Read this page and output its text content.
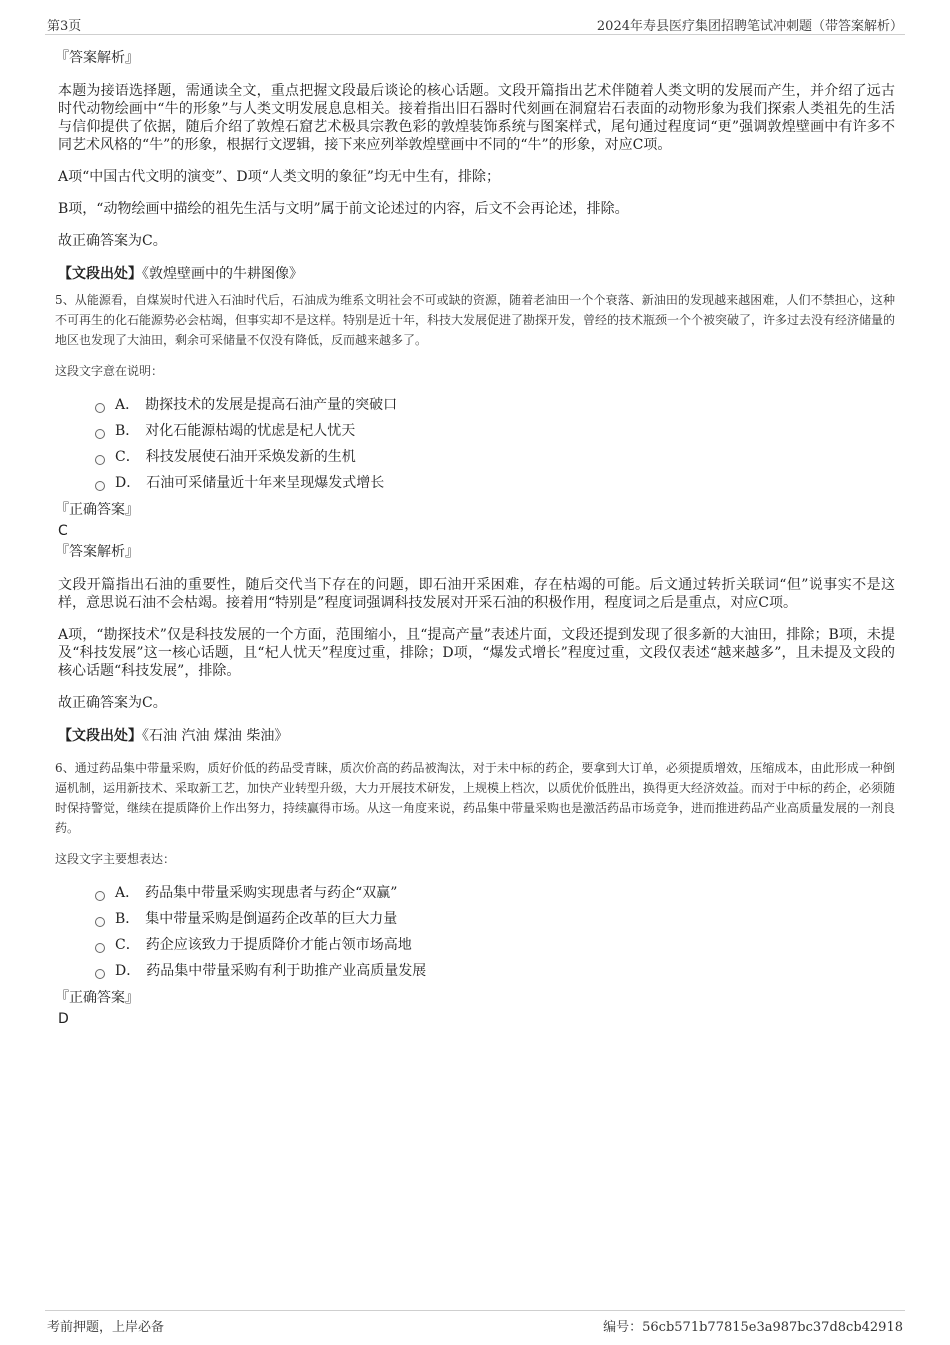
第3页	2024年寿县医疗集团招聘笔试冲刺题（带答案解析）
『答案解析』

本题为接语选择题，需通读全文，重点把握文段最后谈论的核心话题。文段开篇指出艺术伴随着人类文明的发展而产生，并介绍了远古时代动物绘画中“牛的形象”与人类文明发展息息相关。接着指出旧石器时代刻画在洞窟岩石表面的动物形象为我们探索人类祖先的生活与信仰提供了依据，随后介绍了敦煌石窟艺术极具宗教色彩的敦煌装饰系统与图案样式，尾句通过程度词“更”强调敦煌壁画中有许多不同艺术风格的“牛”的形象，根据行文逻辑，接下来应列举敦煌壁画中不同的“牛”的形象，对应C项。

A项“中国古代文明的演变”、D项“人类文明的象征”均无中生有，排除；

B项，“动物绘画中描绘的祖先生活与文明”属于前文论述过的内容，后文不会再论述，排除。

故正确答案为C。

【文段出处】《敦煌壁画中的牛耕图像》

5、从能源看，自煤炭时代进入石油时代后，石油成为维系文明社会不可或缺的资源，随着老油田一个个衰落、新油田的发现越来越困难，人们不禁担心，这种不可再生的化石能源势必会枯竭，但事实却不是这样。特别是近十年，科技大发展促进了勘探开发，曾经的技术瓶颈一个个被突破了，许多过去没有经济储量的地区也发现了大油田，剩余可采储量不仅没有降低，反而越来越多了。

这段文字意在说明：

A． 勘探技术的发展是提高石油产量的突破口
B． 对化石能源枯竭的忧虑是杞人忧天
C． 科技发展使石油开采焕发新的生机
D． 石油可采储量近十年来呈现爆发式增长
『正确答案』
C
『答案解析』

文段开篇指出石油的重要性，随后交代当下存在的问题，即石油开采困难，存在枯竭的可能。后文通过转折关联词“但”说事实不是这样，意思说石油不会枯竭。接着用“特别是”程度词强调科技发展对开采石油的积极作用，程度词之后是重点，对应C项。

A项，“勘探技术”仅是科技发展的一个方面，范围缩小，且“提高产量”表述片面，文段还提到发现了很多新的大油田，排除；B项，未提及“科技发展”这一核心话题，且“杞人忧天”程度过重，排除；D项，“爆发式增长”程度过重，文段仅表述“越来越多”，且未提及文段的核心话题“科技发展”，排除。

故正确答案为C。

【文段出处】《石油 汽油 煤油 柴油》

6、通过药品集中带量采购，质好价低的药品受青睐，质次价高的药品被淘汰，对于未中标的药企，要拿到大订单，必须提质增效，压缩成本，由此形成一种倒逼机制，运用新技术、采取新工艺，加快产业转型升级，大力开展技术研发，上规模上档次，以质优价低胜出，换得更大经济效益。而对于中标的药企，必须随时保持警觉，继续在提质降价上作出努力，持续赢得市场。从这一角度来说，药品集中带量采购也是激活药品市场竞争，进而推进药品产业高质量发展的一剂良药。

这段文字主要想表达：

A． 药品集中带量采购实现患者与药企“双赢”
B． 集中带量采购是倒逼药企改革的巨大力量
C． 药企应该致力于提质降价才能占领市场高地
D． 药品集中带量采购有利于助推产业高质量发展
『正确答案』
D
考前押题，上岸必备	编号：56cb571b77815e3a987bc37d8cb42918
